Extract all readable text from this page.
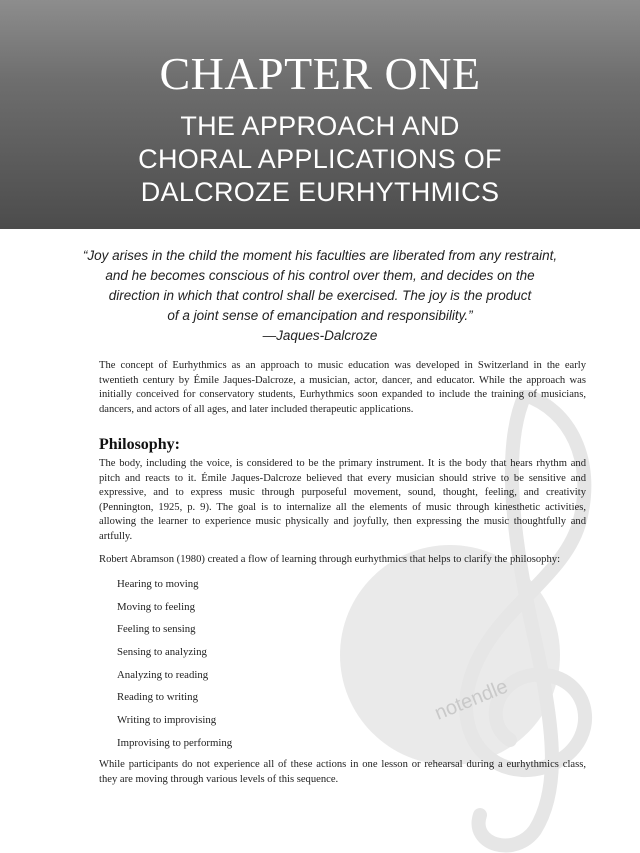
CHAPTER ONE
THE APPROACH AND
CHORAL APPLICATIONS OF
DALCROZE EURHYTHMICS
notendle
“Joy arises in the child the moment his faculties are liberated from any restraint,
and he becomes conscious of his control over them, and decides on the
direction in which that control shall be exercised. The joy is the product
of a joint sense of emancipation and responsibility.”
—Jaques-Dalcroze
The concept of Eurhythmics as an approach to music education was developed in Switzerland in the early twentieth century by Émile Jaques-Dalcroze, a musician, actor, dancer, and educator. While the approach was initially conceived for conservatory students, Eurhythmics soon expanded to include the training of musicians, dancers, and actors of all ages, and later included therapeutic applications.
Philosophy:
The body, including the voice, is considered to be the primary instrument. It is the body that hears rhythm and pitch and reacts to it. Émile Jaques-Dalcroze believed that every musician should strive to be sensitive and expressive, and to express music through purposeful movement, sound, thought, feeling, and creativity (Pennington, 1925, p. 9). The goal is to internalize all the elements of music through kinesthetic activities, allowing the learner to experience music physically and joyfully, then expressing the music thoughtfully and artfully.
Robert Abramson (1980) created a flow of learning through eurhythmics that helps to clarify the philosophy:
Hearing to moving
Moving to feeling
Feeling to sensing
Sensing to analyzing
Analyzing to reading
Reading to writing
Writing to improvising
Improvising to performing
While participants do not experience all of these actions in one lesson or rehearsal during a eurhythmics class, they are moving through various levels of this sequence.
